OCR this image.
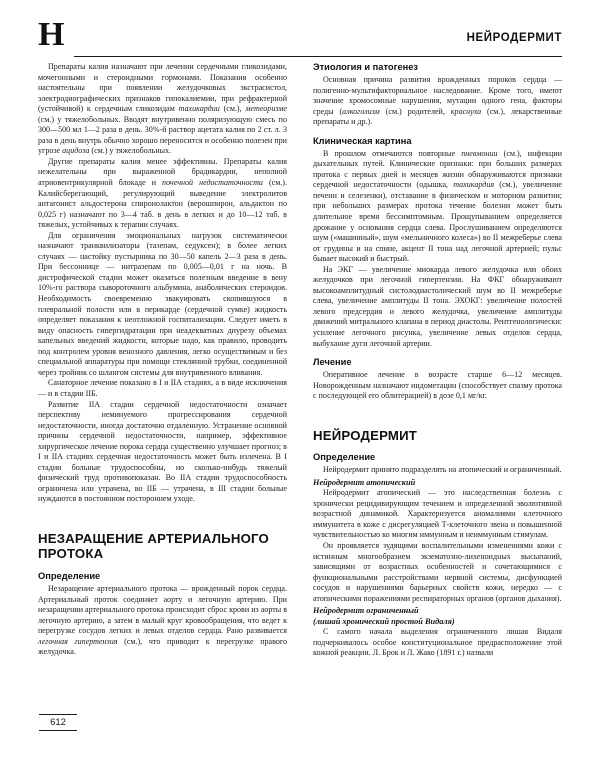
Н	НЕЙРОДЕРМИТ

Препараты калия назначают при лечении сердечными гликозидами, мочегонными и стероидными гормонами. Показания особенно настоятельны при появлении желудочковых экстрасистол, электродиографических признаков гипокалиемии, при рефрактерной (устойчивой) к сердечным гликозидам тахикардии (см.), метеоризме (см.) у тяжелобольных. Вводят внутривенно поляризующую смесь по 300—500 мл 1—2 раза в день. 30%-й раствор ацетата калия по 2 ст. л. 3 раза в день внутрь обычно хорошо переносится и особенно полезен при угрозе ацидоза (см.) у тяжелобольных.

Другие препараты калия менее эффективны. Препараты калия нежелательны при выраженной брадикардии, неполной атриовентрикулярной блокаде и почечной недостаточности (см.). Калийсберегающий, регулирующий выведение электролитов антагонист альдостерона спиронолактон (верошпирон, альдактон по 0,025 г) назначают по 3—4 таб. в день в легких и до 10—12 таб. в тяжелых, устойчивых к терапии случаях.

Для ограничения эмоциональных нагрузок систематически назначают транквилизаторы (тазепам, седуксен); в более легких случаях — настойку пустырника по 30—50 капель 2—3 раза в день. При бессоннице — нитразепам по 0,005—0,01 г на ночь. В дистрофической стадии может оказаться полезным введение в вену 10%-го раствора сывороточного альбумина, анаболических стероидов. Необходимость своевременно эвакуировать скопившуюся в плевральной полости или в перикарде (сердечной сумке) жидкость определяет показания к неотложной госпитализации. Следует иметь в виду опасность гипергидратации при неадекватных диурезу объемах капельных введений жидкости, которые надо, как правило, проводить под контролем уровня венозного давления, легко осуществимым и без специальной аппаратуры при помощи стеклянной трубки, соединенной через тройник со шлангом системы для внутривенного вливания.

Санаторное лечение показано в I и IIА стадиях, а в виде исключения — и в стадии IIБ.

Развитие IIА стадии сердечной недостаточности означает перспективу неминуемого прогрессирования сердечной недостаточности, иногда достаточно отдаленную. Устранение основной причины сердечной недостаточности, например, эффективное хирургическое лечение порока сердца существенно улучшает прогноз; в I и IIА стадиях сердечная недостаточность может быть излечена. В I стадии больные трудоспособны, но сколько-нибудь тяжелый физический труд противопоказан. Во IIА стадии трудоспособность ограничена или утрачена, во IIБ — утрачена, в III стадии больные нуждаются в постоянном постороннем уходе.

НЕЗАРАЩЕНИЕ АРТЕРИАЛЬНОГО ПРОТОКА
Определение

Незаращение артериального протока — врожденный порок сердца. Артериальный проток соединяет аорту и легочную артерию. При незаращении артериального протока происходит сброс крови из аорты в легочную артерию, а затем в малый круг кровообращения, что ведет к перегрузке сосудов легких и левых отделов сердца. Рано развивается легочная гипертензия (см.), что приводит к перегрузке правого желудочка.

Этиология и патогенез

Основная причина развития врожденных пороков сердца — полигенно-мультифакториальное наследование. Кроме того, имеют значение хромосомные нарушения, мутации одного гена, факторы среды (алкоголизм (см.) родителей, краснуха (см.), лекарственные препараты и др.).

Клиническая картина

В прошлом отмечаются повторные пневмонии (см.), инфекции дыхательных путей. Клинические признаки: при больших размерах протока с первых дней и месяцев жизни обнаруживаются признаки сердечной недостаточности (одышка, тахикардия (см.), увеличение печени и селезенки), отставание в физическом и моторном развитии; при небольших размерах протока течение болезни может быть длительное время бессимптомным. Прощупыванием определяется дрожание у основания сердца слева. Прослушиванием определяются шум («машинный», шум «мельничного колеса») во II межреберье слева от грудины и на спине, акцент II тона над легочной артерией; пульс бывает высокий и быстрый.

На ЭКГ — увеличение миокарда левого желудочка или обоих желудочков при легочной гипертензии. На ФКГ обнаруживают высокоамплитудный систолодиастолический шум во II межреберье слева, увеличение амплитуды II тона. ЭХОКГ: увеличение полостей левого предсердия и левого желудочка, увеличение амплитуды движений митрального клапана в период диастолы. Рентгенологически: усиление легочного рисунка, увеличение левых отделов сердца, выбухание дуги легочной артерии.

Лечение

Оперативное лечение в возрасте старше 6—12 месяцев. Новорожденным назначают индометацин (способствует спазму протока с последующей его облитерацией) в дозе 0,1 мг/кг.

НЕЙРОДЕРМИТ
Определение

Нейродермит принято подразделять на атопический и ограниченный.

Нейродермит атопический

Нейродермит атопический — это наследственная болезнь с хронически рецидивирующим течением и определенной эволютивной возрастной динамикой. Характеризуется аномалиями клеточного иммунитета в коже с дисрегуляцией Т-клеточного звена и повышенной чувствительностью ко многим иммунным и неиммунным стимулам.

Он проявляется зудящими воспалительными изменениями кожи с истинным многообразием экзематозно-лихеноидных высыпаний, зависящими от возрастных особенностей и сочетающимися с функциональными расстройствами нервной системы, дисфункцией сосудов и нарушениями барьерных свойств кожи, нередко — с атопическими поражениями респираторных органов (органов дыхания).

Нейродермит ограниченный
(лишай хронический простой Видаля)

С самого начала выделения ограниченного лишая Видаля подчеркивалось особое конституциональное предрасположение этой кожной реакции. Л. Брок и Л. Жако (1891 г.) назвали

612
